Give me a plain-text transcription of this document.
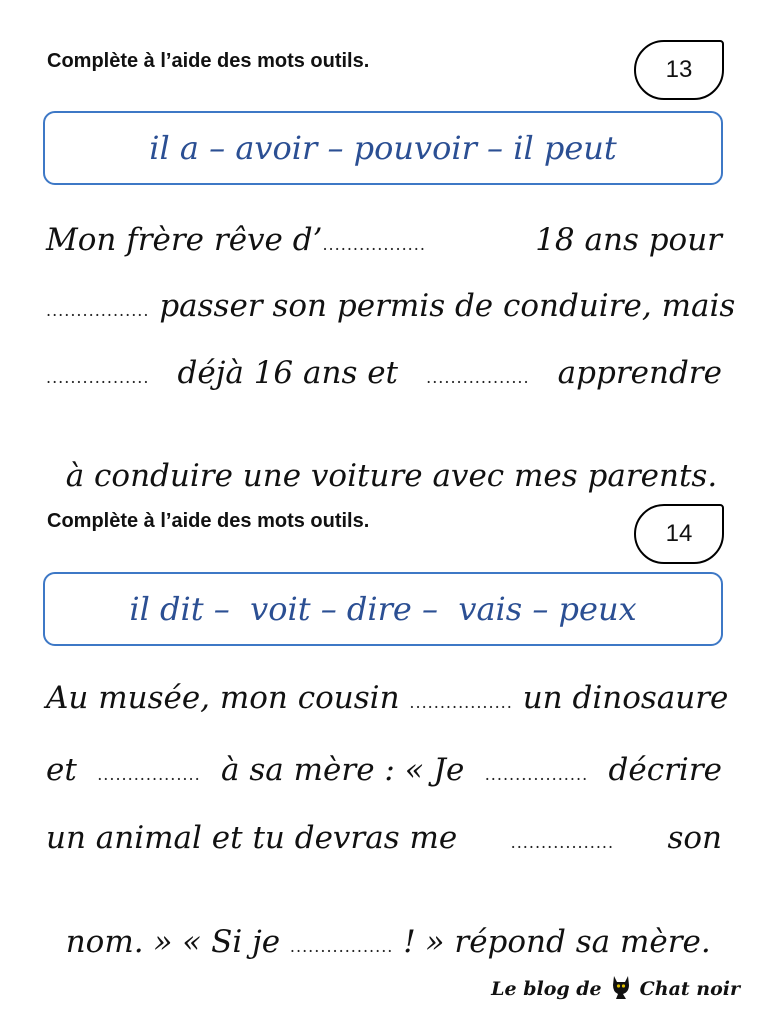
Complète à l’aide des mots outils.	13
il a – avoir – pouvoir – il peut
Mon frère rêve d’.................	18 ans pour
................. passer son permis de conduire, mais
................. déjà 16 ans et ................. apprendre

à conduire une voiture avec mes parents.

Complète à l’aide des mots outils.	14
il dit –  voit – dire –  vais – peux
Au musée, mon cousin ................. un dinosaure
et ................. à sa mère : « Je ................. décrire
un animal et tu devras me	................. son

nom. » « Si je ................. ! » répond sa mère.

Le blog de Chat noir
